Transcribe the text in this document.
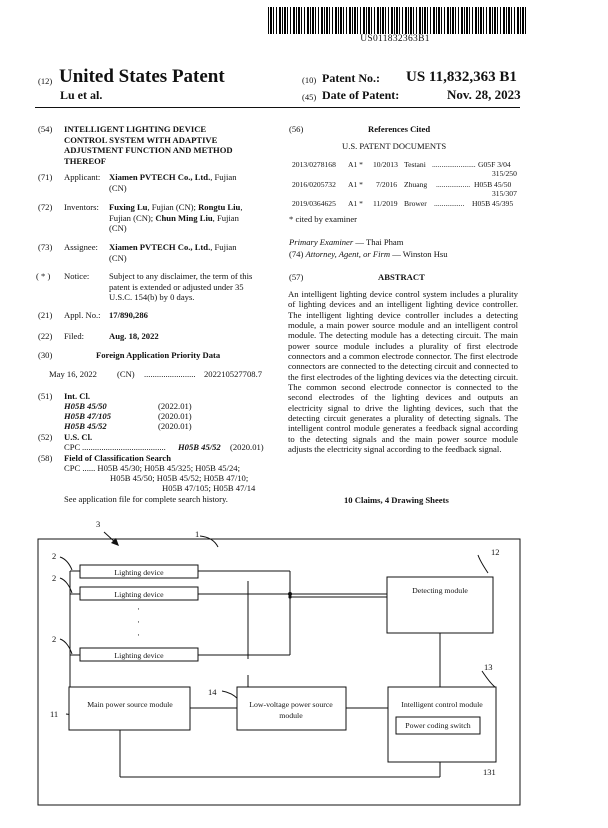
US011832363B1
(12) United States Patent
Lu et al.
(10) Patent No.: US 11,832,363 B1
(45) Date of Patent:	Nov. 28, 2023
(54) INTELLIGENT LIGHTING DEVICE
CONTROL SYSTEM WITH ADAPTIVE
ADJUSTMENT FUNCTION AND METHOD
THEREOF
(71) Applicant: Xiamen PVTECH Co., Ltd., Fujian
(CN)
(72) Inventors: Fuxing Lu, Fujian (CN); Rongtu Liu,
Fujian (CN); Chun Ming Liu, Fujian
(CN)
(73) Assignee: Xiamen PVTECH Co., Ltd., Fujian
(CN)
( * ) Notice: Subject to any disclaimer, the term of this
patent is extended or adjusted under 35
U.S.C. 154(b) by 0 days.
(21) Appl. No.: 17/890,286
(22) Filed:	Aug. 18, 2022
(30)	Foreign Application Priority Data
May 16, 2022 (CN) ........................ 202210527708.7
(51) Int. Cl.
H05B 45/50	(2022.01)
H05B 47/105	(2020.01)
H05B 45/52	(2020.01)
(52) U.S. Cl.
CPC ....................................... H05B 45/52 (2020.01)
(58) Field of Classification Search
CPC ...... H05B 45/30; H05B 45/325; H05B 45/24;
H05B 45/50; H05B 45/52; H05B 47/10;
H05B 47/105; H05B 47/14
See application file for complete search history.
(56)	References Cited
U.S. PATENT DOCUMENTS
2013/0278168 A1 * 10/2013 Testani ....................... G05F 3/04
315/250
2016/0205732 A1 * 7/2016 Zhuang .................. H05B 45/50
315/307
2019/0364625 A1 * 11/2019 Brower ................ H05B 45/395
* cited by examiner
Primary Examiner — Thai Pham
(74) Attorney, Agent, or Firm — Winston Hsu
(57)	ABSTRACT
An intelligent lighting device control system includes a plurality of lighting devices and an intelligent lighting device controller. The intelligent lighting device controller includes a detecting module, a main power source module and an intelligent control module. The detecting module has a detecting circuit. The main power source module includes a plurality of first electrode connectors and a common electrode connector. The first electrode connectors are connected to the detecting circuit and connected to the first electrodes of the lighting devices via the detecting circuit. The common second electrode connector is connected to the second electrodes of the lighting devices and outputs an electricity signal to drive the lighting devices, such that the detecting circuit generates a plurality of detecting signals. The intelligent control module generates a feedback signal according to the detecting signals and the main power source module adjusts the electricity signal according to the feedback signal.
10 Claims, 4 Drawing Sheets
Lighting device
Lighting device
Lighting device
·
·
·
Detecting module
Main power source module	Low-voltage power source
module
Intelligent control module
Power coding switch
3
1
2
2
2
12
13
11
14
131
